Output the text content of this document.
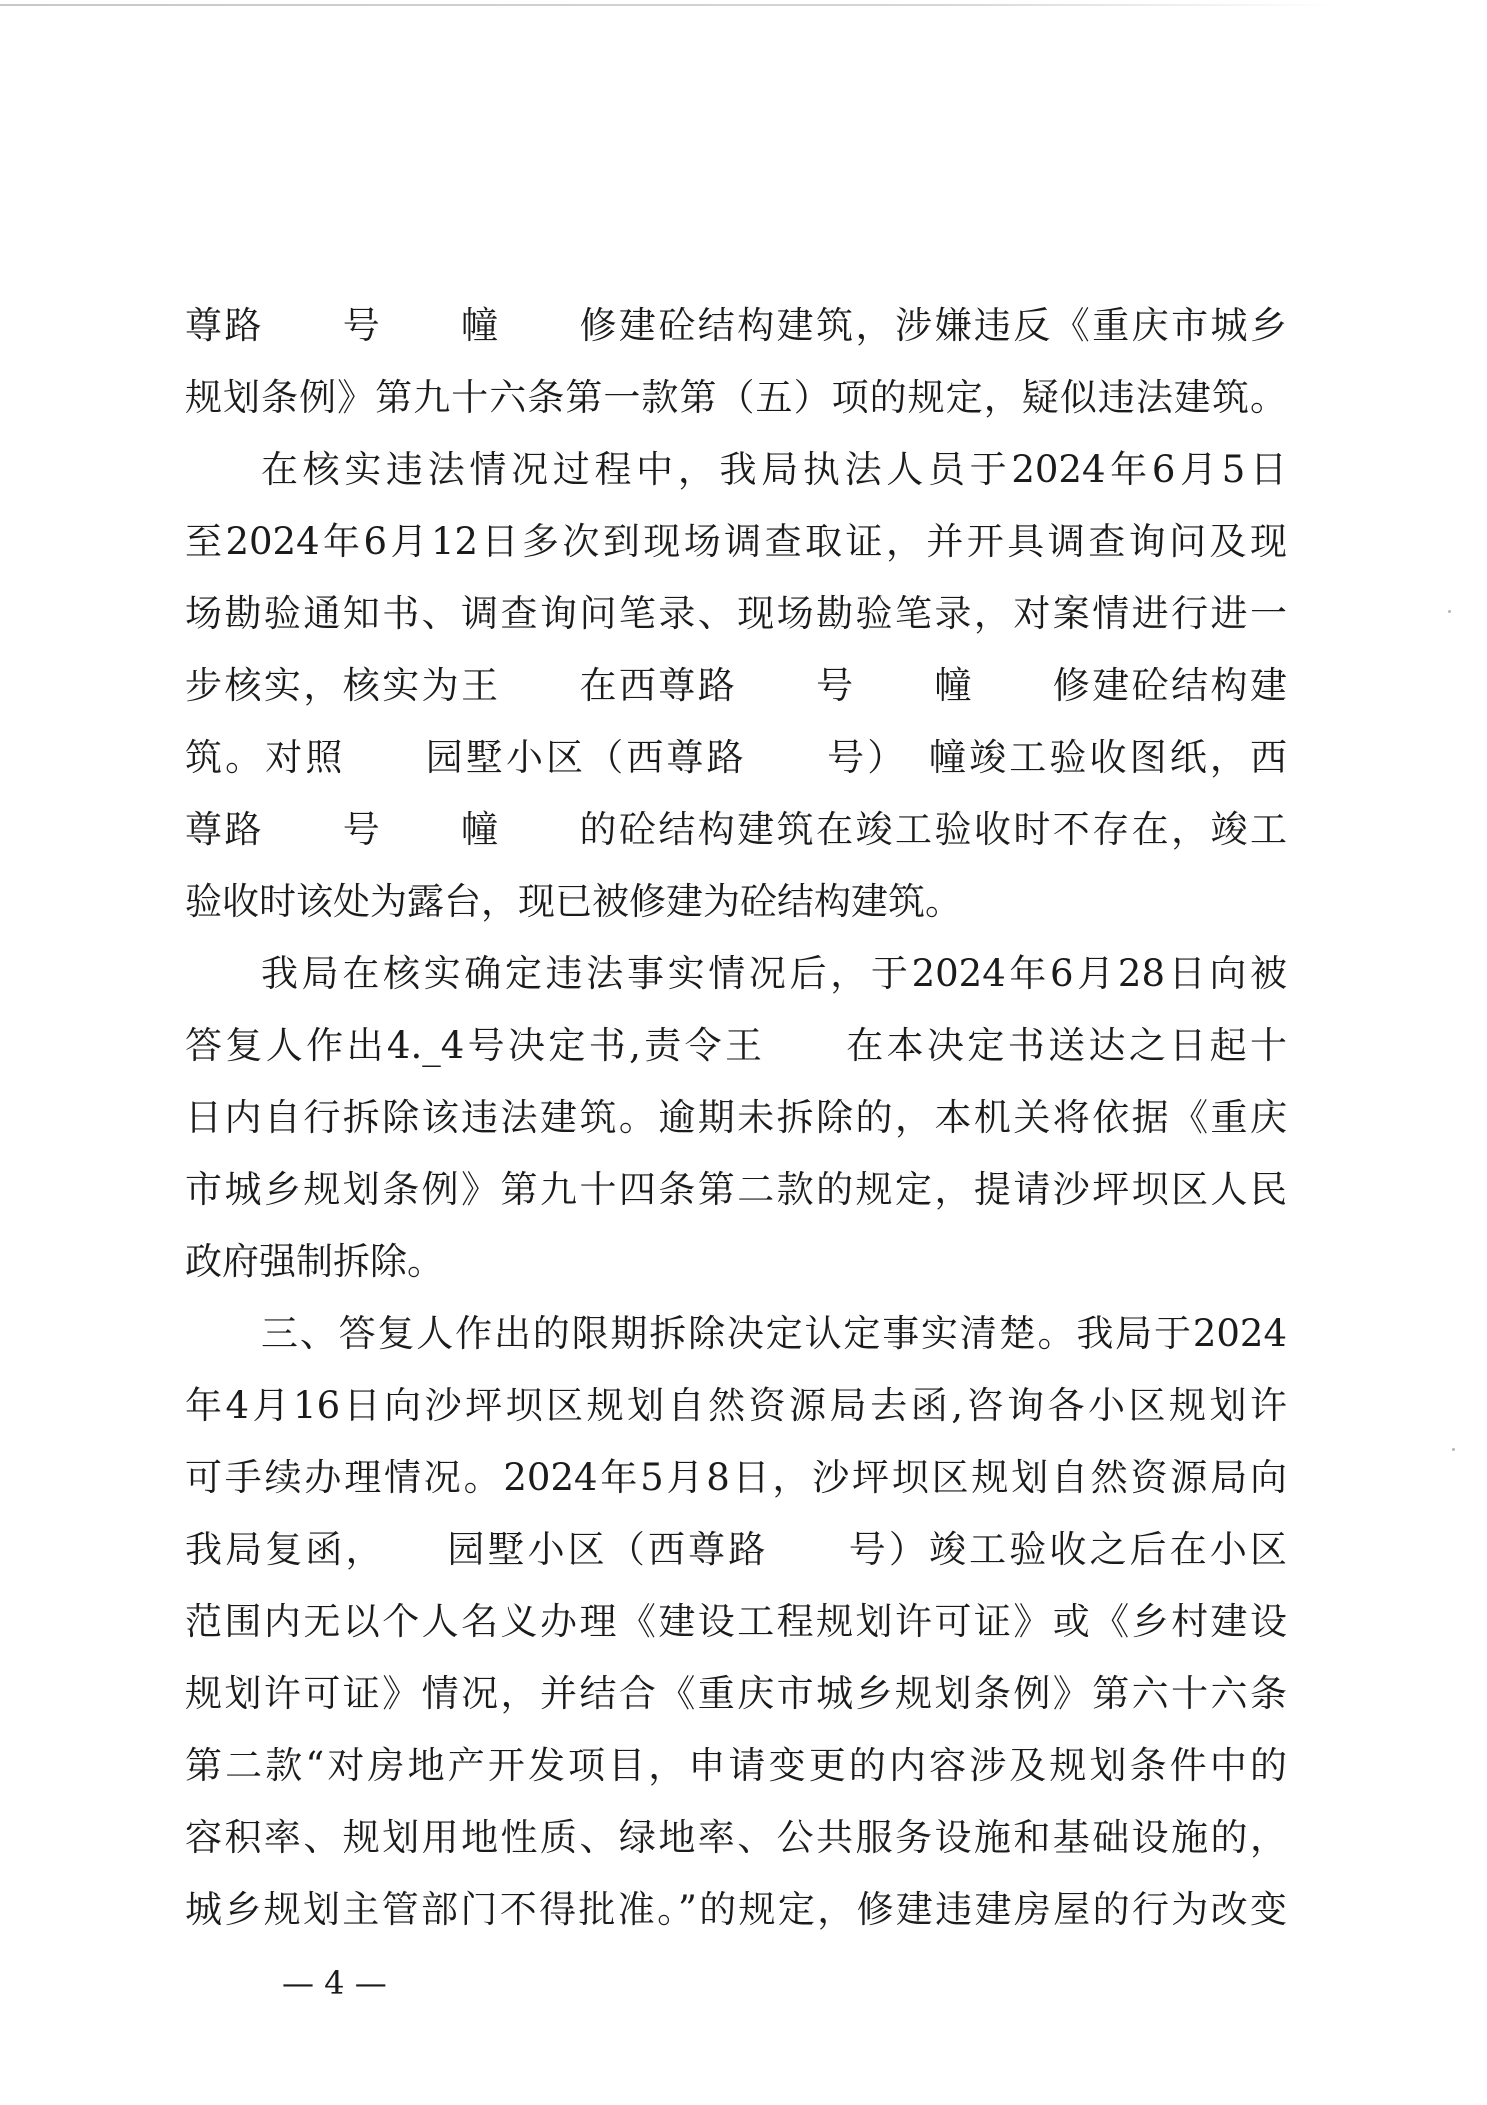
尊路　　号　　幢　　修建砼结构建筑，涉嫌违反《重庆市城乡
规划条例》第九十六条第一款第（五）项的规定，疑似违法建筑。
在核实违法情况过程中，我局执法人员于2024年6月5日
至2024年6月12日多次到现场调查取证，并开具调查询问及现
场勘验通知书、调查询问笔录、现场勘验笔录，对案情进行进一
步核实，核实为王　　在西尊路　　号　　幢　　修建砼结构建
筑。对照　　园墅小区（西尊路　　号）　幢竣工验收图纸，西
尊路　　号　　幢　　的砼结构建筑在竣工验收时不存在，竣工
验收时该处为露台，现已被修建为砼结构建筑。
我局在核实确定违法事实情况后，于2024年6月28日向被
答复人作出4._4号决定书,责令王　　在本决定书送达之日起十
日内自行拆除该违法建筑。逾期未拆除的，本机关将依据《重庆
市城乡规划条例》第九十四条第二款的规定，提请沙坪坝区人民
政府强制拆除。
三、答复人作出的限期拆除决定认定事实清楚。我局于2024
年4月16日向沙坪坝区规划自然资源局去函,咨询各小区规划许
可手续办理情况。2024年5月8日，沙坪坝区规划自然资源局向
我局复函，　　园墅小区（西尊路　　号）竣工验收之后在小区
范围内无以个人名义办理《建设工程规划许可证》或《乡村建设
规划许可证》情况，并结合《重庆市城乡规划条例》第六十六条
第二款“对房地产开发项目，申请变更的内容涉及规划条件中的
容积率、规划用地性质、绿地率、公共服务设施和基础设施的，
城乡规划主管部门不得批准。”的规定，修建违建房屋的行为改变
— 4 —
